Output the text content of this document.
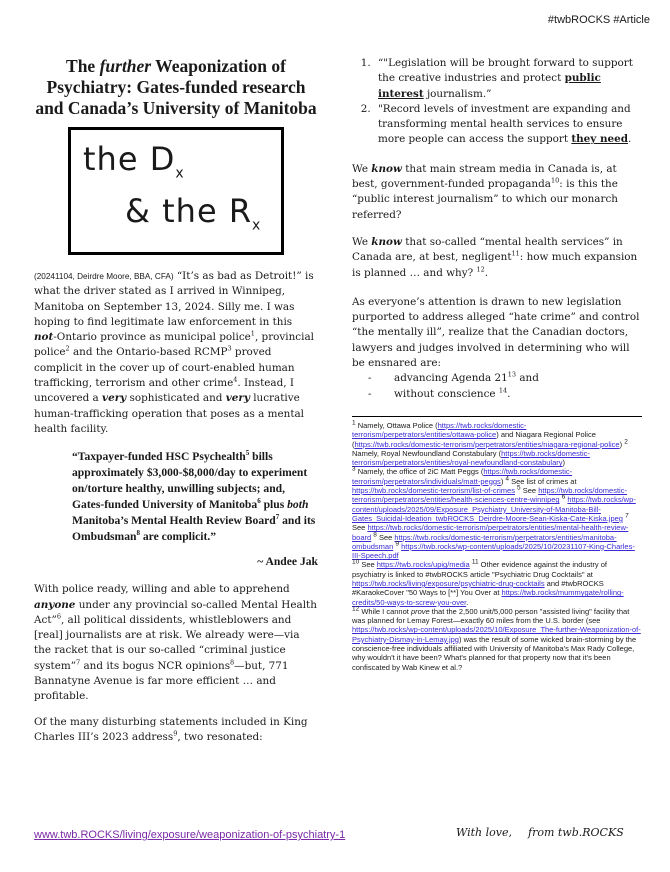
#twbROCKS #Article
The further Weaponization of Psychiatry: Gates-funded research and Canada’s University of Manitoba
the $D_x$
& the $R_x$

(20241104, Deirdre Moore, BBA, CFA) “It’s as bad as Detroit!” is what the driver stated as I arrived in Winnipeg, Manitoba on September 13, 2024. Silly me. I was hoping to find legitimate law enforcement in this not-Ontario province as municipal police$^1$, provincial police$^2$ and the Ontario-based RCMP$^3$ proved complicit in the cover up of court-enabled human trafficking, terrorism and other crime$^4$. Instead, I uncovered a very sophisticated and very lucrative human-trafficking operation that poses as a mental health facility.

“Taxpayer-funded HSC Psychealth$^5$ bills approximately $3,000-$8,000/day to experiment on/torture healthy, unwilling subjects; and, Gates-funded University of Manitoba$^6$ plus both Manitoba’s Mental Health Review Board$^7$ and its Ombudsman$^8$ are complicit.”
~ Andee Jak

With police ready, willing and able to apprehend anyone under any provincial so-called Mental Health Act”$^6$, all political dissidents, whistleblowers and [real] journalists are at risk. We already were—via the racket that is our so-called “criminal justice system”$^7$ and its bogus NCR opinions$^8$—but, 771 Bannatyne Avenue is far more efficient … and profitable.

Of the many disturbing statements included in King Charles III’s 2023 address$^9$, two resonated:

1. “"Legislation will be brought forward to support the creative industries and protect public interest journalism.”
2. "Record levels of investment are expanding and transforming mental health services to ensure more people can access the support they need.

We know that main stream media in Canada is, at best, government-funded propaganda$^{10}$: is this the “public interest journalism” to which our monarch referred?

We know that so-called “mental health services” in Canada are, at best, negligent$^{11}$: how much expansion is planned … and why? $^{12}$.

As everyone’s attention is drawn to new legislation purported to address alleged “hate crime” and control “the mentally ill”, realize that the Canadian doctors, lawyers and judges involved in determining who will be ensnared are:

- advancing Agenda $21^{13}$ and
- without conscience $^{14}$.
$^1$ Namely, Ottawa Police (https://twb.rocks/domestic-terrorism/perpetrators/entities/ottawa-police) and Niagara Regional Police (https://twb.rocks/domestic-terrorism/perpetrators/entities/niagara-regional-police) $^2$ Namely, Royal Newfoundland Constabulary (https://twb.rocks/domestic-terrorism/perpetrators/entities/royal-newfoundland-constabulary)
$^3$ Namely, the office of 2iC Matt Peggs (https://twb.rocks/domestic-terrorism/perpetrators/individuals/matt-peggs) $^4$ See list of crimes at https://twb.rocks/domestic-terrorism/list-of-crimes $^5$ See https://twb.rocks/domestic-terrorism/perpetrators/entities/health-sciences-centre-winnipeg $^6$ https://twb.rocks/wp-content/uploads/2025/09/Exposure_Psychiatry_University-of-Manitoba-Bill-Gates_Suicidal-Ideation_twbROCKS_Deirdre-Moore-Sean-Kiska-Cate-Kiska.jpeg $^7$ See https://twb.rocks/domestic-terrorism/perpetrators/entities/mental-health-review-board $^8$ See https://twb.rocks/domestic-terrorism/perpetrators/entities/manitoba-ombudsman $^9$ https://twb.rocks/wp-content/uploads/2025/10/20231107-King-Charles-III-Speech.pdf
$^{10}$ See https://twb.rocks/upig/media $^{11}$ Other evidence against the industry of psychiatry is linked to #twbROCKS article "Psychiatric Drug Cocktails" at https://twb.rocks/living/exposure/psychiatric-drug-cocktails and #twbROCKS #KaraokeCover "50 Ways to [**] You Over at https://twb.rocks/mummygate/rolling-credits/50-ways-to-screw-you-over.
$^{12}$ While I cannot prove that the 2,500 unit/5,000 person "assisted living" facility that was planned for Lemay Forest—exactly 60 miles from the U.S. border (see https://twb.rocks/wp-content/uploads/2025/10/Exposure_The-further-Weaponization-of-Psychiatry-Dismay-in-Lemay.jpg) was the result of some wicked brain-storming by the conscience-free individuals affiliated with University of Manitoba's Max Rady College, why wouldn't it have been? What's planned for that property now that it's been confiscated by Wab Kinew et al.?
www.twb.ROCKS/living/exposure/weaponization-of-psychiatry-1	With love, from twb.ROCKS
